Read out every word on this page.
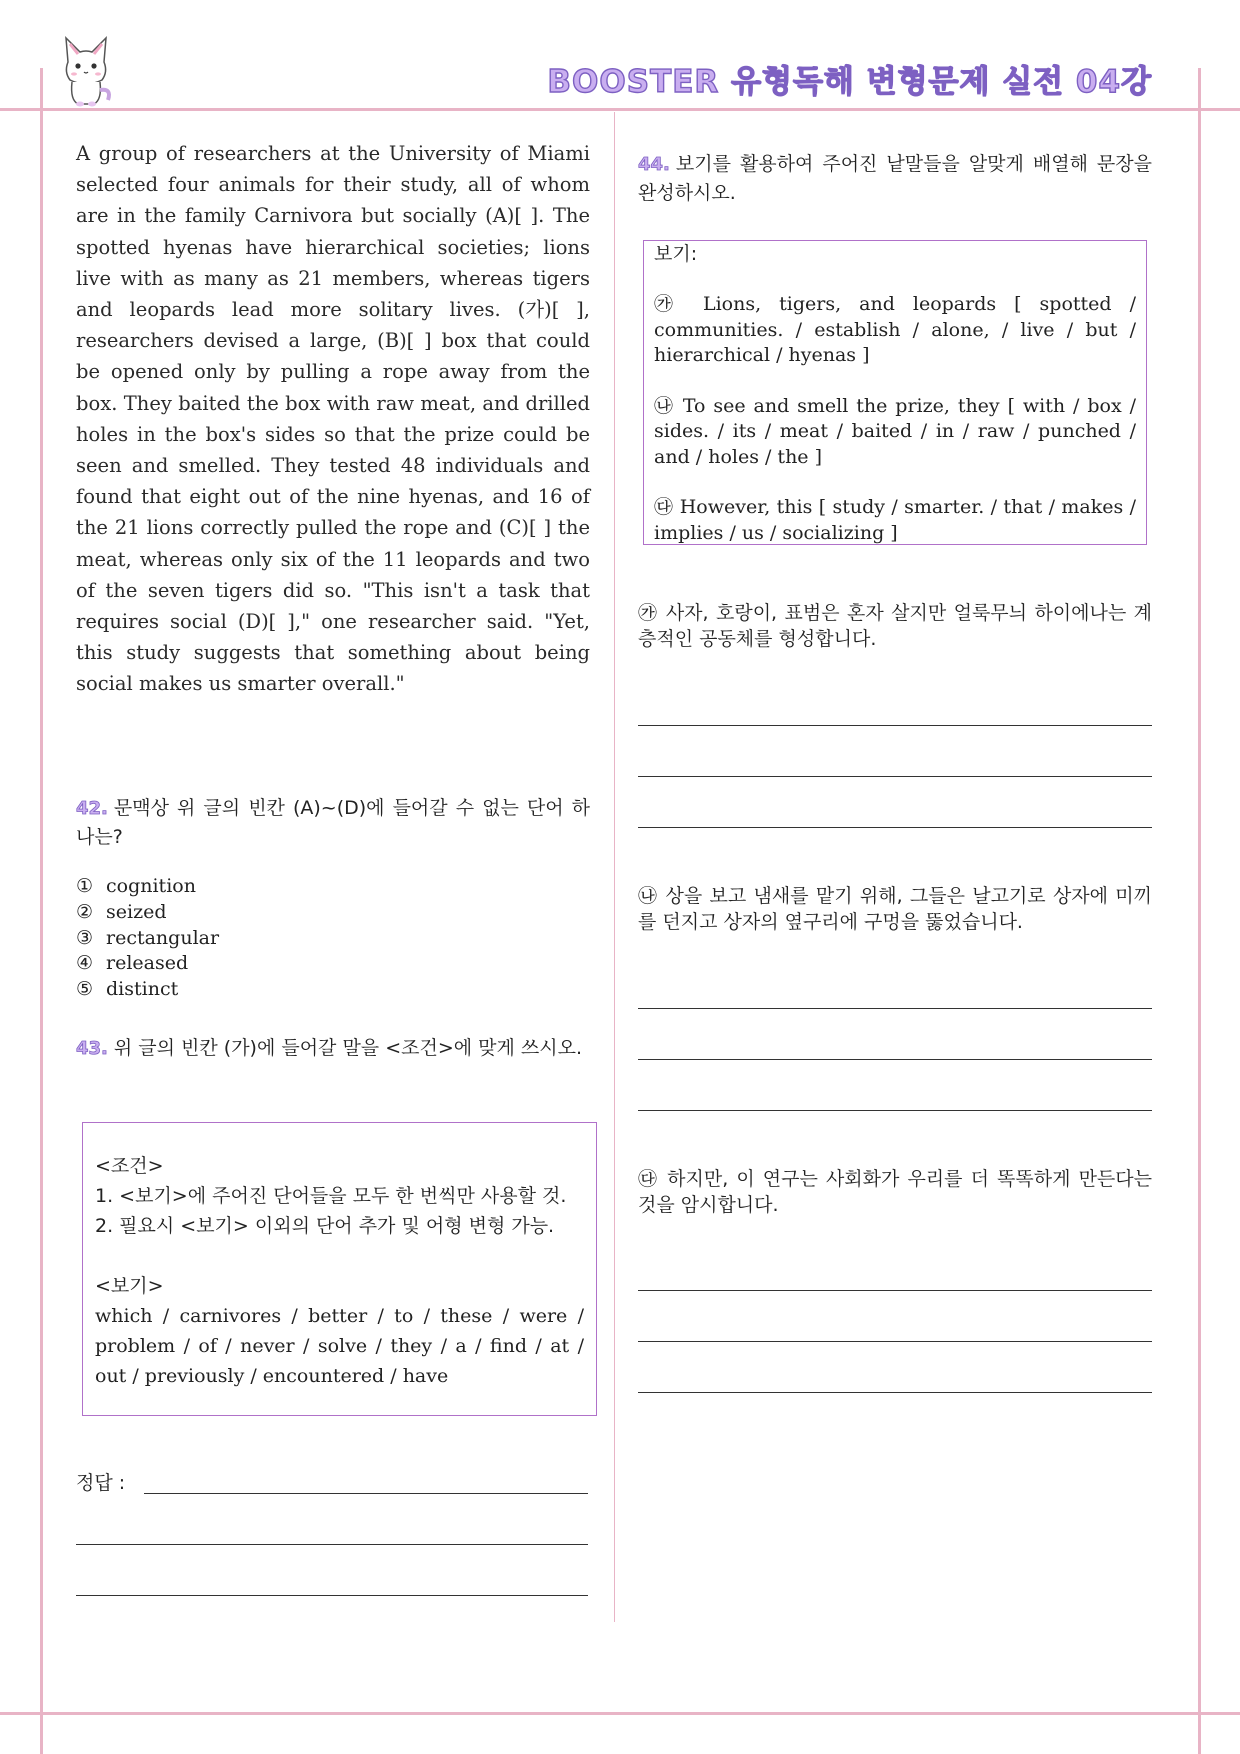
BOOSTER 유형독해 변형문제 실전 04강

A group of researchers at the University of Miami selected four animals for their study, all of whom are in the family Carnivora but socially (A)[ ]. The spotted hyenas have hierarchical societies; lions live with as many as 21 members, whereas tigers and leopards lead more solitary lives. (가)[ ], researchers devised a large, (B)[ ] box that could be opened only by pulling a rope away from the box. They baited the box with raw meat, and drilled holes in the box's sides so that the prize could be seen and smelled. They tested 48 individuals and found that eight out of the nine hyenas, and 16 of the 21 lions correctly pulled the rope and (C)[ ] the meat, whereas only six of the 11 leopards and two of the seven tigers did so. "This isn't a task that requires social (D)[ ]," one researcher said. "Yet, this study suggests that something about being social makes us smarter overall."

42. 문맥상 위 글의 빈칸 (A)~(D)에 들어갈 수 없는 단어 하나는?
① cognition
② seized
③ rectangular
④ released
⑤ distinct
43. 위 글의 빈칸 (가)에 들어갈 말을 <조건>에 맞게 쓰시오.
<조건>
1. <보기>에 주어진 단어들을 모두 한 번씩만 사용할 것.
2. 필요시 <보기> 이외의 단어 추가 및 어형 변형 가능.
<보기>
which / carnivores / better / to / these / were / problem / of / never / solve / they / a / find / at / out / previously / encountered / have
정답 :
44. 보기를 활용하여 주어진 낱말들을 알맞게 배열해 문장을 완성하시오.
보기:
㉮ Lions, tigers, and leopards [ spotted / communities. / establish / alone, / live / but / hierarchical / hyenas ]
㉯ To see and smell the prize, they [ with / box / sides. / its / meat / baited / in / raw / punched / and / holes / the ]
㉰ However, this [ study / smarter. / that / makes / implies / us / socializing ]
㉮ 사자, 호랑이, 표범은 혼자 살지만 얼룩무늬 하이에나는 계층적인 공동체를 형성합니다.
㉯ 상을 보고 냄새를 맡기 위해, 그들은 날고기로 상자에 미끼를 던지고 상자의 옆구리에 구멍을 뚫었습니다.
㉰ 하지만, 이 연구는 사회화가 우리를 더 똑똑하게 만든다는 것을 암시합니다.
